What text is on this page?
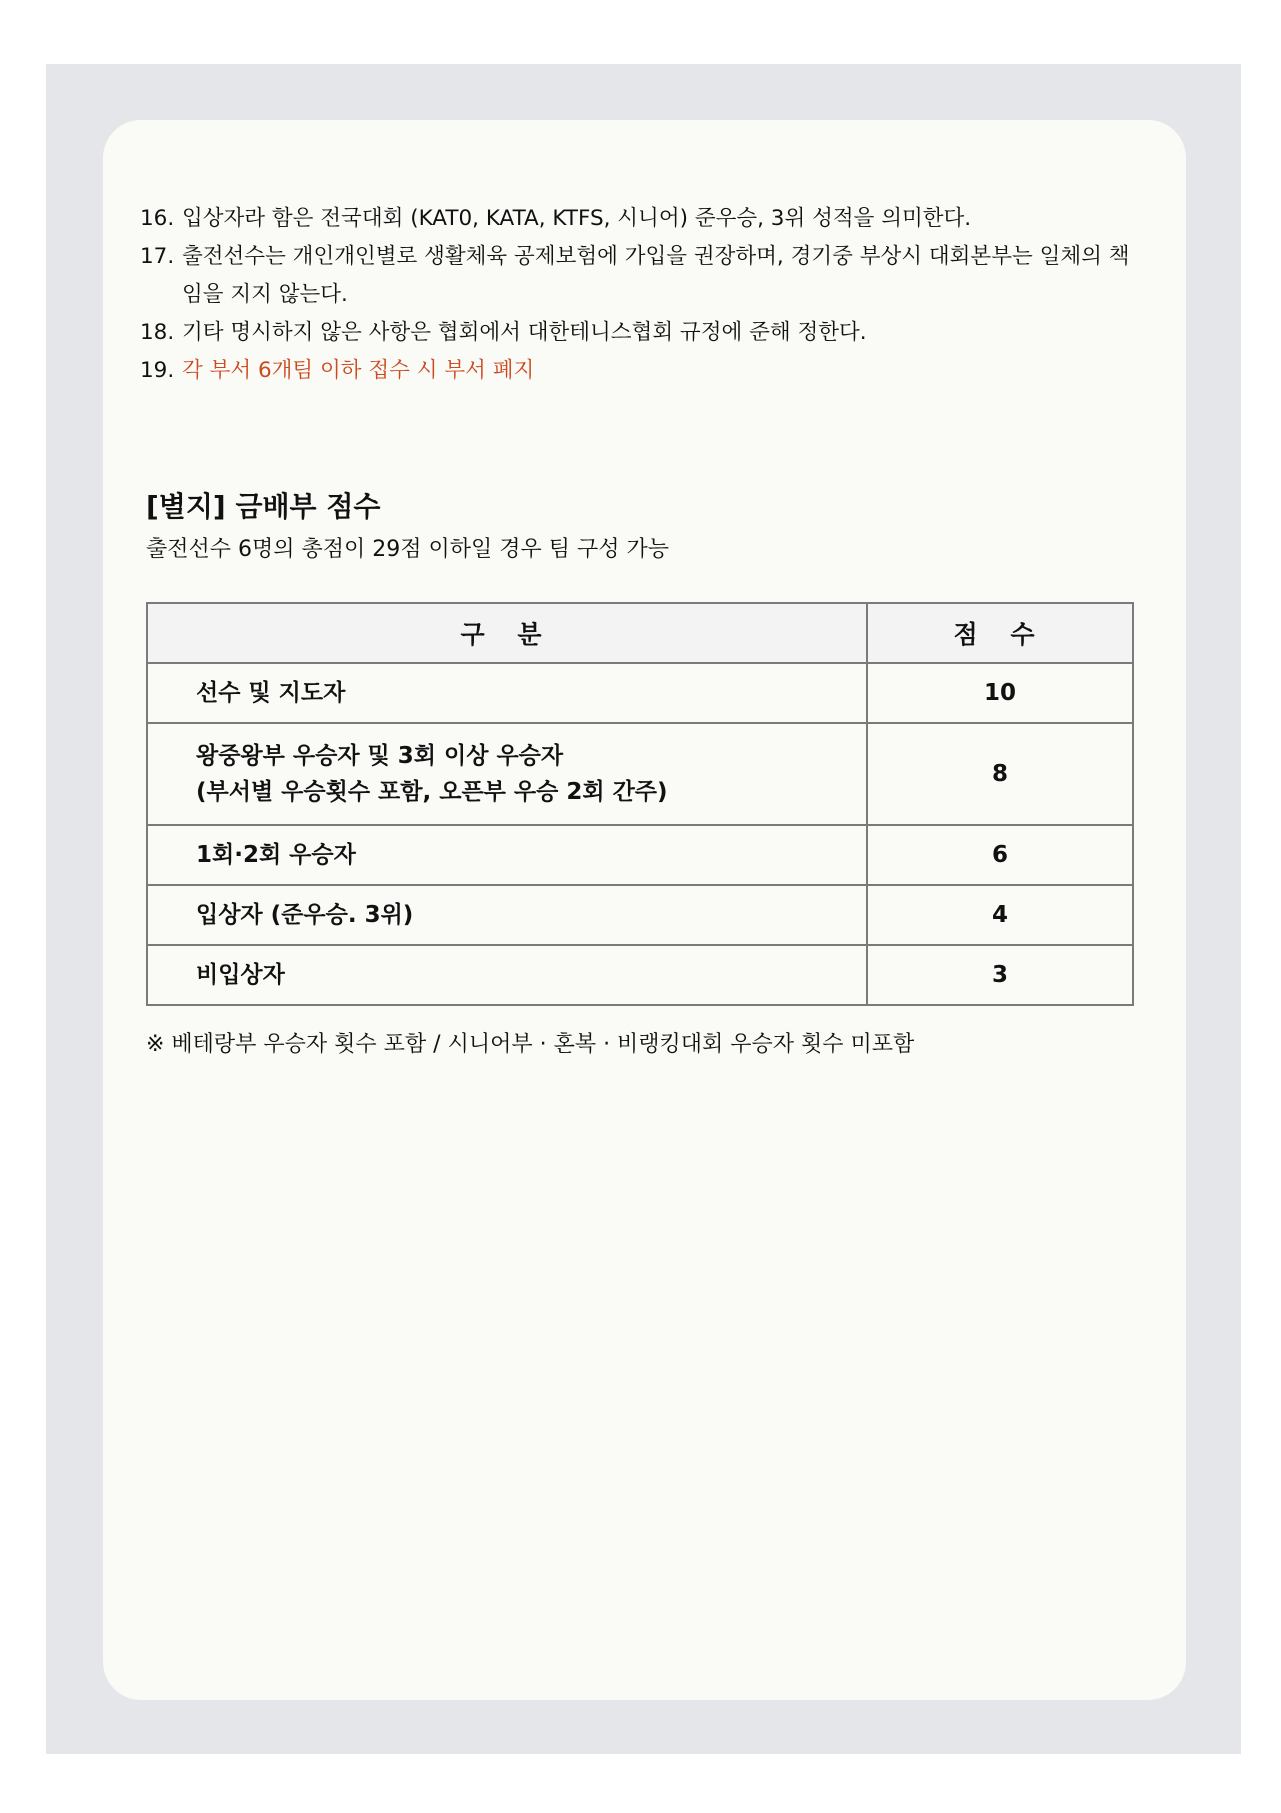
16. 입상자라 함은 전국대회 (KAT0, KATA, KTFS, 시니어) 준우승, 3위 성적을 의미한다.
17. 출전선수는 개인개인별로 생활체육 공제보험에 가입을 권장하며, 경기중 부상시 대회본부는 일체의 책임을 지지 않는다.
18. 기타 명시하지 않은 사항은 협회에서 대한테니스협회 규정에 준해 정한다.
19. 각 부서 6개팀 이하 접수 시 부서 폐지
[별지] 금배부 점수
출전선수 6명의 총점이 29점 이하일 경우 팀 구성 가능
구 분	점 수
선수 및 지도자	10

왕중왕부 우승자 및 3회 이상 우승자
(부서별 우승횟수 포함, 오픈부 우승 2회 간주)	8
1회·2회 우승자	6
입상자 (준우승. 3위)	4
비입상자	3
※ 베테랑부 우승자 횟수 포함 / 시니어부 · 혼복 · 비랭킹대회 우승자 횟수 미포함
